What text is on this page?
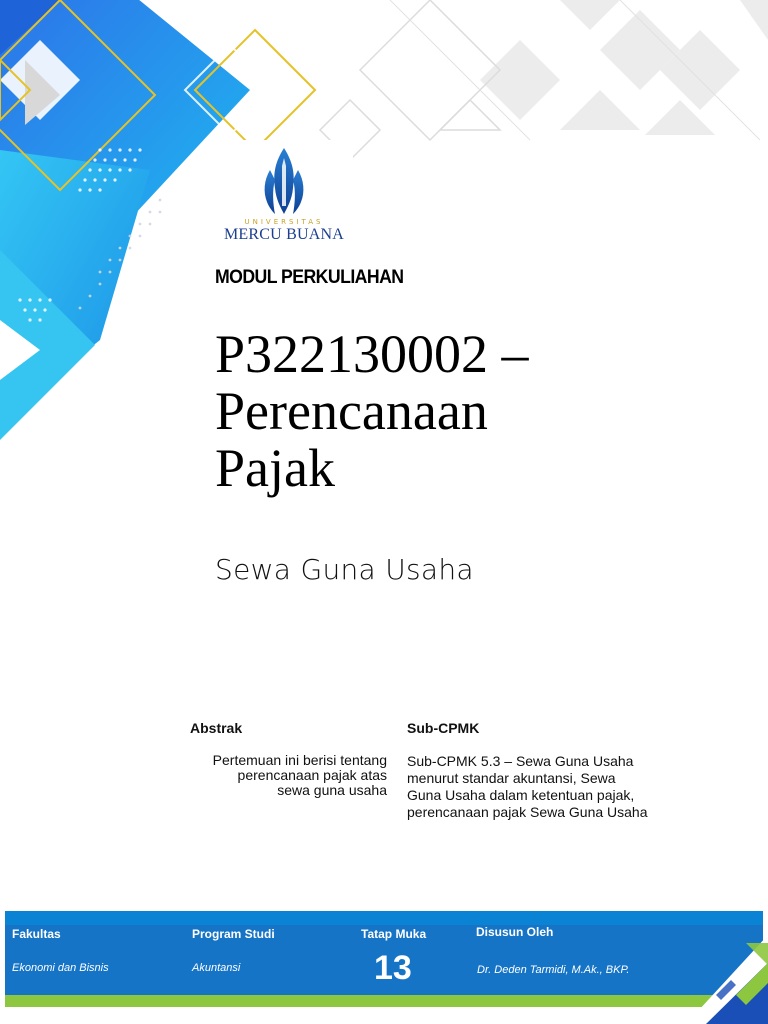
UNIVERSITAS
MERCU BUANA
MODUL PERKULIAHAN
P322130002 –
Perencanaan
Pajak
Sewa Guna Usaha
Abstrak
Pertemuan ini berisi tentang
perencanaan pajak atas
sewa guna usaha
Sub-CPMK
Sub-CPMK 5.3 – Sewa Guna Usaha
menurut standar akuntansi, Sewa
Guna Usaha dalam ketentuan pajak,
perencanaan pajak Sewa Guna Usaha
Fakultas
Ekonomi dan Bisnis
Program Studi
Akuntansi
Tatap Muka
13
Disusun Oleh
Dr. Deden Tarmidi, M.Ak., BKP.
